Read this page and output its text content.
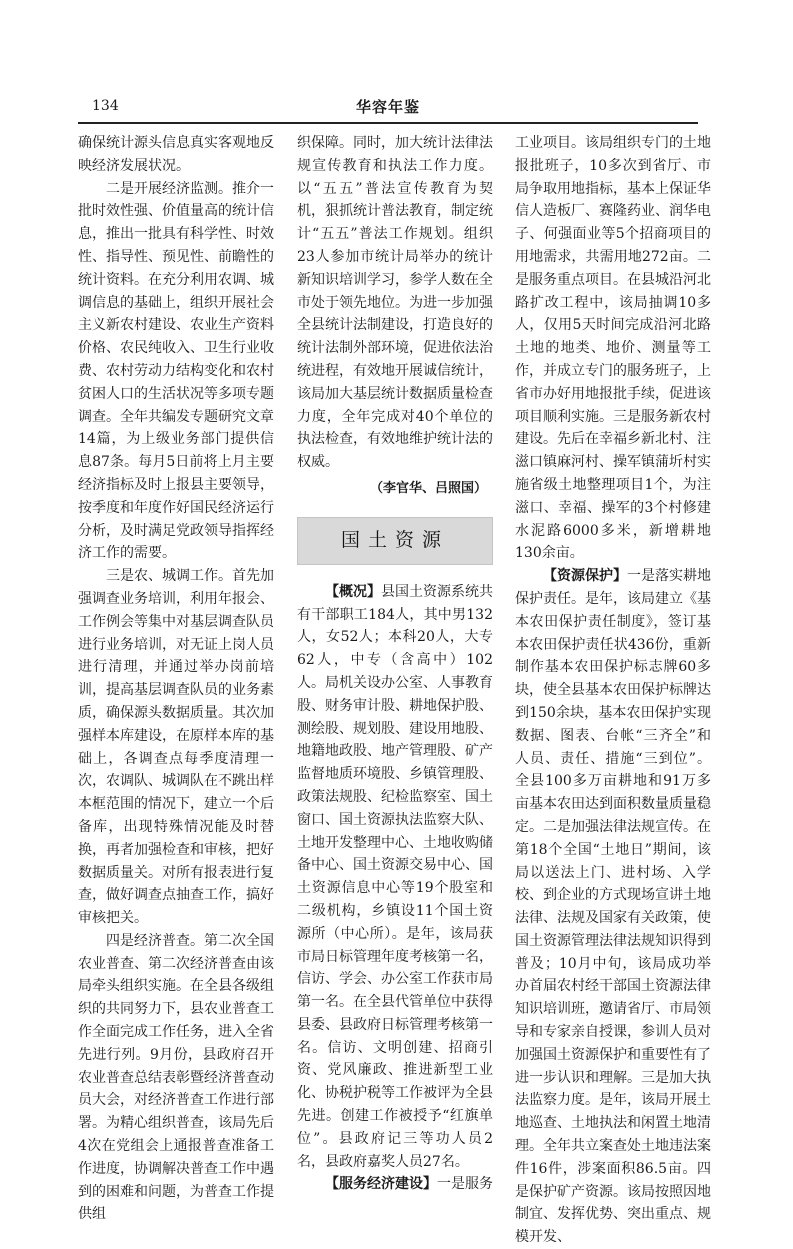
134	华容年鉴

确保统计源头信息真实客观地反映经济发展状况。

二是开展经济监测。推介一批时效性强、价值量高的统计信息，推出一批具有科学性、时效性、指导性、预见性、前瞻性的统计资料。在充分利用农调、城调信息的基础上，组织开展社会主义新农村建设、农业生产资料价格、农民纯收入、卫生行业收费、农村劳动力结构变化和农村贫困人口的生活状况等多项专题调查。全年共编发专题研究文章14篇，为上级业务部门提供信息87条。每月5日前将上月主要经济指标及时上报县主要领导，按季度和年度作好国民经济运行分析，及时满足党政领导指挥经济工作的需要。

三是农、城调工作。首先加强调查业务培训，利用年报会、工作例会等集中对基层调查队员进行业务培训，对无证上岗人员进行清理，并通过举办岗前培训，提高基层调查队员的业务素质，确保源头数据质量。其次加强样本库建设，在原样本库的基础上，各调查点每季度清理一次，农调队、城调队在不跳出样本框范围的情况下，建立一个后备库，出现特殊情况能及时替换，再者加强检查和审核，把好数据质量关。对所有报表进行复查，做好调查点抽查工作，搞好审核把关。

四是经济普查。第二次全国农业普查、第二次经济普查由该局牵头组织实施。在全县各级组织的共同努力下，县农业普查工作全面完成工作任务，进入全省先进行列。9月份，县政府召开农业普查总结表彰暨经济普查动员大会，对经济普查工作进行部署。为精心组织普查，该局先后4次在党组会上通报普查准备工作进度，协调解决普查工作中遇到的困难和问题，为普查工作提供组

织保障。同时，加大统计法律法规宣传教育和执法工作力度。以“五五”普法宣传教育为契机，狠抓统计普法教育，制定统计“五五”普法工作规划。组织23人参加市统计局举办的统计新知识培训学习，参学人数在全市处于领先地位。为进一步加强全县统计法制建设，打造良好的统计法制外部环境，促进依法治统进程，有效地开展诚信统计，该局加大基层统计数据质量检查力度，全年完成对40个单位的执法检查，有效地维护统计法的权威。

（李官华、吕照国）
国土资源

【概况】县国土资源系统共有干部职工184人，其中男132人，女52人；本科20人，大专62人，中专（含高中）102人。局机关设办公室、人事教育股、财务审计股、耕地保护股、测绘股、规划股、建设用地股、地籍地政股、地产管理股、矿产监督地质环境股、乡镇管理股、政策法规股、纪检监察室、国土窗口、国土资源执法监察大队、土地开发整理中心、土地收购储备中心、国土资源交易中心、国土资源信息中心等19个股室和二级机构，乡镇设11个国土资源所（中心所）。是年，该局获市局日标管理年度考核第一名，信访、学会、办公室工作获市局第一名。在全县代管单位中获得县委、县政府日标管理考核第一名。信访、文明创建、招商引资、党风廉政、推进新型工业化、协税护税等工作被评为全县先进。创建工作被授予“红旗单位”。县政府记三等功人员2名，县政府嘉奖人员27名。

【服务经济建设】一是服务

工业项目。该局组织专门的土地报批班子，10多次到省厅、市局争取用地指标，基本上保证华信人造板厂、赛隆药业、润华电子、何强面业等5个招商项目的用地需求，共需用地272亩。二是服务重点项目。在县城沿河北路扩改工程中，该局抽调10多人，仅用5天时间完成沿河北路土地的地类、地价、测量等工作，并成立专门的服务班子，上省市办好用地报批手续，促进该项目顺利实施。三是服务新农村建设。先后在幸福乡新北村、注滋口镇麻河村、操军镇蒲圻村实施省级土地整理项目1个，为注滋口、幸福、操军的3个村修建水泥路6000多米，新增耕地130余亩。

【资源保护】一是落实耕地保护责任。是年，该局建立《基本农田保护责任制度》，签订基本农田保护责任状436份，重新制作基本农田保护标志牌60多块，使全县基本农田保护标牌达到150余块，基本农田保护实现数据、图表、台帐“三齐全”和人员、责任、措施“三到位”。全县100多万亩耕地和91万多亩基本农田达到面积数量质量稳定。二是加强法律法规宣传。在第18个全国“土地日”期间，该局以送法上门、进村场、入学校、到企业的方式现场宣讲土地法律、法规及国家有关政策，使国土资源管理法律法规知识得到普及；10月中旬，该局成功举办首届农村经干部国土资源法律知识培训班，邀请省厅、市局领导和专家亲自授课，参训人员对加强国土资源保护和重要性有了进一步认识和理解。三是加大执法监察力度。是年，该局开展土地巡查、土地执法和闲置土地清理。全年共立案查处土地违法案件16件，涉案面积86.5亩。四是保护矿产资源。该局按照因地制宜、发挥优势、突出重点、规模开发、
